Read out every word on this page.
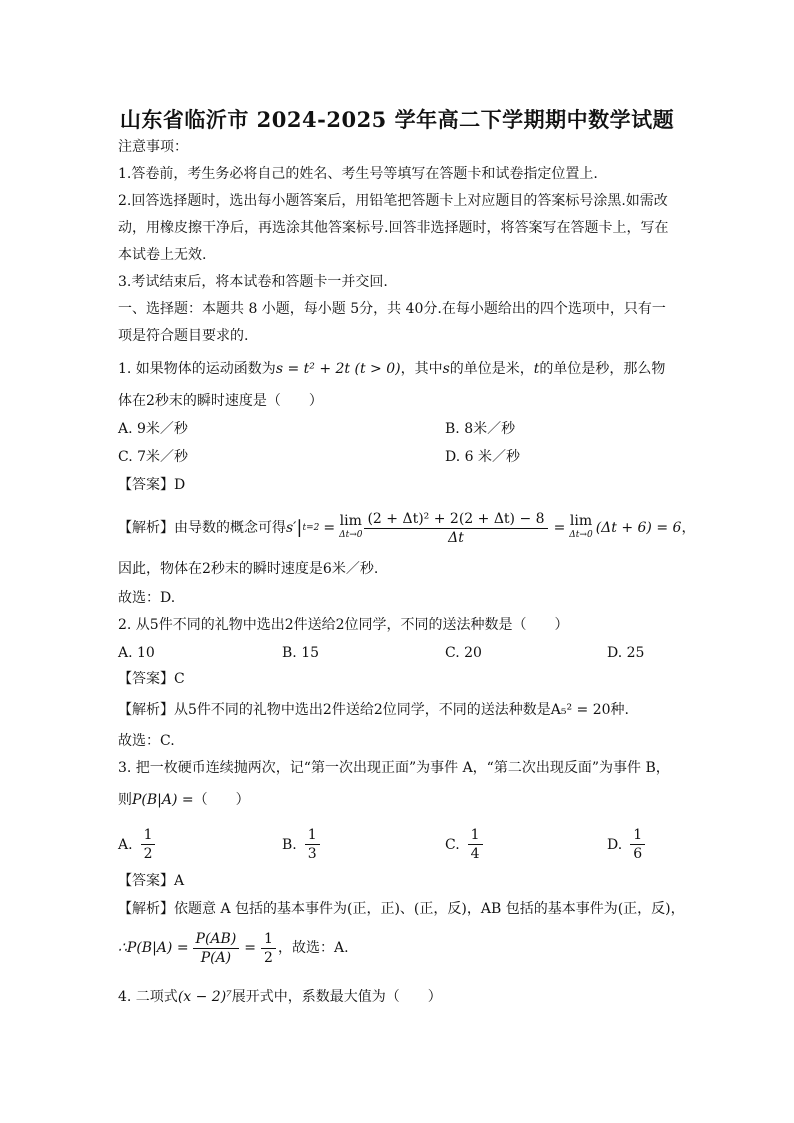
山东省临沂市 2024-2025 学年高二下学期期中数学试题
注意事项：
1.答卷前，考生务必将自己的姓名、考生号等填写在答题卡和试卷指定位置上.
2.回答选择题时，选出每小题答案后，用铅笔把答题卡上对应题目的答案标号涂黑.如需改
动，用橡皮擦干净后，再选涂其他答案标号.回答非选择题时，将答案写在答题卡上，写在
本试卷上无效.
3.考试结束后，将本试卷和答题卡一并交回.
一、选择题：本题共 8 小题，每小题 5分，共 40分.在每小题给出的四个选项中，只有一
项是符合题目要求的.
1. 如果物体的运动函数为s = t² + 2t (t > 0)，其中s的单位是米，t的单位是秒，那么物
体在2秒末的瞬时速度是（　　）
A. 9米／秒	B. 8米／秒
C. 7米／秒	D. 6 米／秒
【答案】D
【解析】由导数的概念可得 s′ | t=2 = lim
$\Delta t\to 0 \frac{\text{(2 + Δt)² + 2(2 + Δt) − 8}}{\Delta t} = \lim$
Δt→0 (Δt + 6) = 6 ，
因此，物体在2秒末的瞬时速度是6米／秒.
故选：D.
2. 从5件不同的礼物中选出2件送给2位同学，不同的送法种数是（　　）
A. 10	B. 15	C. 20	D. 25
【答案】C
【解析】从5件不同的礼物中选出2件送给2位同学，不同的送法种数是A₅² = 20种.
故选：C.
3. 把一枚硬币连续抛两次，记“第一次出现正面”为事件 A，“第二次出现反面”为事件 B，
则P(B|A) =（　　）
A. $\frac{1}{2}$	B. $\frac{1}{3}$	C. $\frac{1}{4}$	D. $\frac{1}{6}$
【答案】A
【解析】依题意 A 包括的基本事件为(正，正)、(正，反)，AB 包括的基本事件为(正，反)，
∴P(B|A) = $\frac{P(AB)}{P(A)} = \frac{1}{2}$ ，故选：A.
4. 二项式(x − 2)⁷展开式中，系数最大值为（　　）
